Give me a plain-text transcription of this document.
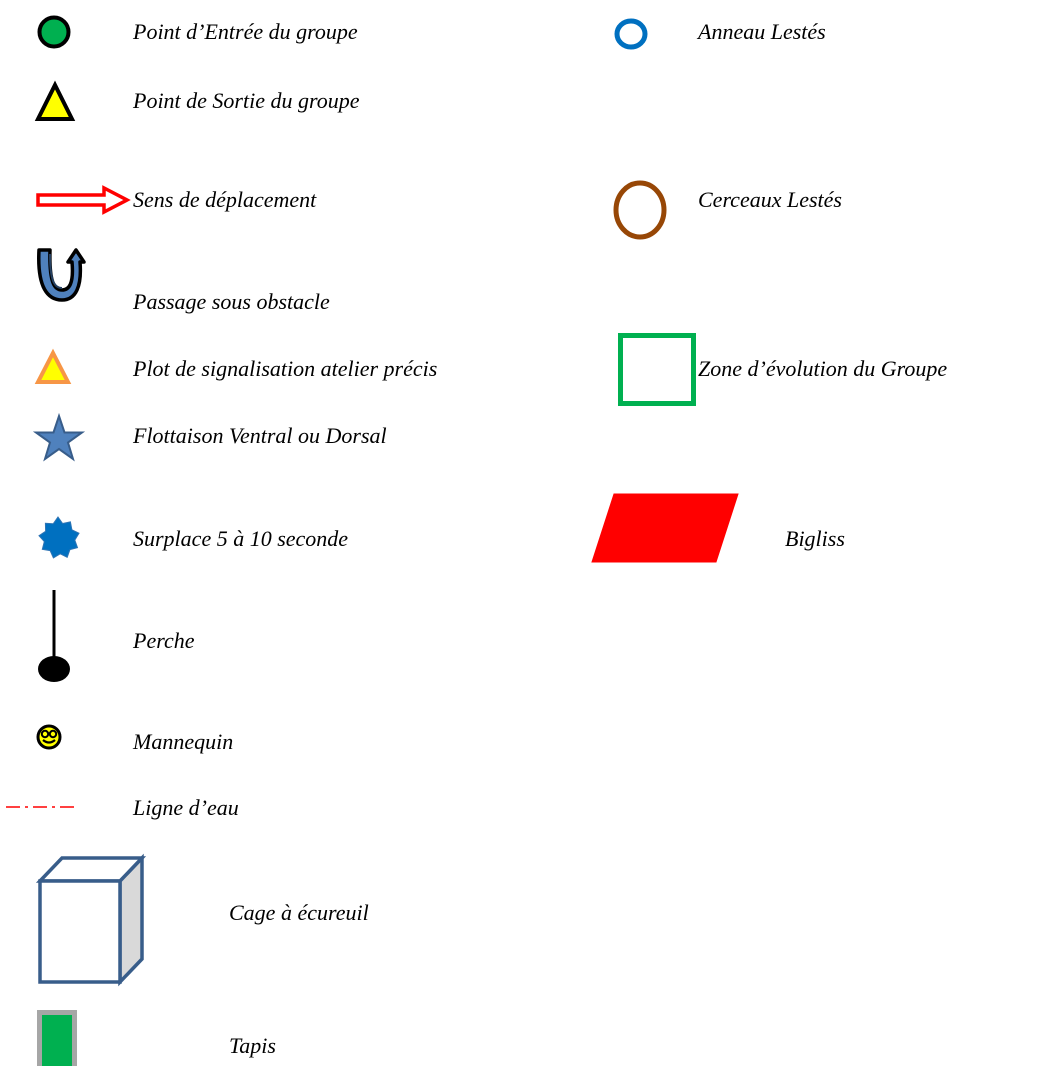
Point d’Entrée du groupe
Point de Sortie du groupe
Sens de déplacement
Passage sous obstacle
Plot de signalisation atelier précis
Flottaison Ventral ou Dorsal
Surplace 5 à 10 seconde
Perche
Mannequin
Ligne d’eau
Cage à écureuil
Tapis
Anneau Lestés
Cerceaux Lestés
Zone d’évolution du Groupe
Bigliss
